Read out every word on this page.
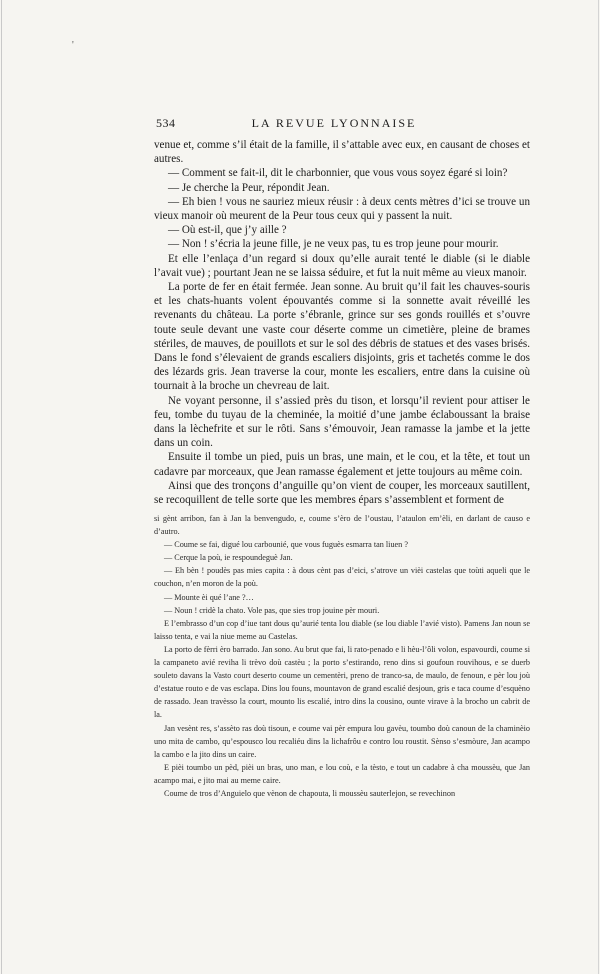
'
534	LA REVUE LYONNAISE

venue et, comme s’il était de la famille, il s’attable avec eux, en causant de choses et autres.

— Comment se fait-il, dit le charbonnier, que vous vous soyez égaré si loin?

— Je cherche la Peur, répondit Jean.

— Eh bien ! vous ne sauriez mieux réusir : à deux cents mètres d’ici se trouve un vieux manoir où meurent de la Peur tous ceux qui y passent la nuit.

— Où est-il, que j’y aille ?

— Non ! s’écria la jeune fille, je ne veux pas, tu es trop jeune pour mourir.

Et elle l’enlaça d’un regard si doux qu’elle aurait tenté le diable (si le diable l’avait vue) ; pourtant Jean ne se laissa séduire, et fut la nuit même au vieux manoir.

La porte de fer en était fermée. Jean sonne. Au bruit qu’il fait les chauves-souris et les chats-huants volent épouvantés comme si la sonnette avait réveillé les revenants du château. La porte s’ébranle, grince sur ses gonds rouillés et s’ouvre toute seule devant une vaste cour déserte comme un cimetière, pleine de brames stériles, de mauves, de pouillots et sur le sol des débris de statues et des vases brisés. Dans le fond s’élevaient de grands escaliers disjoints, gris et tachetés comme le dos des lézards gris. Jean traverse la cour, monte les escaliers, entre dans la cuisine où tournait à la broche un chevreau de lait.

Ne voyant personne, il s’assied près du tison, et lorsqu’il revient pour attiser le feu, tombe du tuyau de la cheminée, la moitié d’une jambe éclaboussant la braise dans la lèchefrite et sur le rôti. Sans s’émouvoir, Jean ramasse la jambe et la jette dans un coin.

Ensuite il tombe un pied, puis un bras, une main, et le cou, et la tête, et tout un cadavre par morceaux, que Jean ramasse également et jette toujours au même coin.

Ainsi que des tronçons d’anguille qu’on vient de couper, les morceaux sautillent, se recoquillent de telle sorte que les membres épars s’assemblent et forment de

si gènt arribon, fan à Jan la benvengudo, e, coume s’èro de l’oustau, l’ataulon em’èli, en darlant de causo e d’autro.

— Coume se fai, digué lou carbounié, que vous fuguès esmarra tan liuen ?

— Cerque la poù, ie respoundeguè Jan.

— Eh bèn ! poudès pas mies capita : à dous cènt pas d’eici, s’atrove un vièi castelas que toùti aqueli que le couchon, n’en moron de la poù.

— Mounte èi qué l’ane ?…

— Noun ! cridè la chato. Vole pas, que sies trop jouine pèr mouri.

E l’embrasso d’un cop d’iue tant dous qu’aurié tenta lou diable (se lou diable l’avié visto). Pamens Jan noun se laisso tenta, e vai la niue meme au Castelas.

La porto de fèrri èro barrado. Jan sono. Au brut que fai, li rato-penado e li hèu-l’ôli volon, espavourdi, coume si la campaneto avié reviha li trèvo doù castèu ; la porto s’estirando, reno dins si goufoun rouvihous, e se duerb souleto davans la Vasto court deserto coume un cementèri, preno de tranco-sa, de maulo, de fenoun, e pèr lou joù d’estatue routo e de vas esclapa. Dins lou founs, mountavon de grand escalié desjoun, gris e taca coume d’esquèno de rassado. Jean travèsso la court, mounto lis escalié, intro dins la cousino, ounte virave à la brocho un cabrit de la.

Jan vesènt res, s’assèto ras doù tisoun, e coume vai pèr empura lou gavèu, toumbo doù canoun de la chaminèio uno mita de cambo, qu’espousco lou recaliéu dins la lichafrôu e contro lou roustit. Sènso s’esmòure, Jan acampo la cambo e la jito dins un caire.

E pièi toumbo un pèd, pièi un bras, uno man, e lou coù, e la tèsto, e tout un cadabre à cha moussèu, que Jan acampo mai, e jito mai au meme caire.

Coume de tros d’Anguielo que vènon de chapouta, li moussèu sauterlejon, se revechinon
